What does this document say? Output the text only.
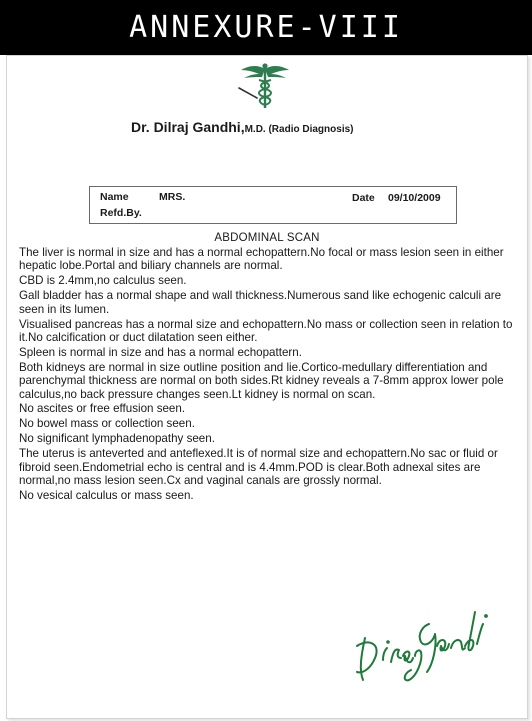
ANNEXURE-VIII
Dr. Dilraj Gandhi,M.D. (Radio Diagnosis)
Name	MRS.	Date 09/10/2009
Refd.By.
ABDOMINAL SCAN

The liver is normal in size and has a normal echopattern.No focal or mass lesion seen in either hepatic lobe.Portal and biliary channels are normal.

CBD is 2.4mm,no calculus seen.

Gall bladder has a normal shape and wall thickness.Numerous sand like echogenic calculi are seen in its lumen.

Visualised pancreas has a normal size and echopattern.No mass or collection seen in relation to it.No calcification or duct dilatation seen either.

Spleen is normal in size and has a normal echopattern.

Both kidneys are normal in size outline position and lie.Cortico-medullary differentiation and parenchymal thickness are normal on both sides.Rt kidney reveals a 7-8mm approx lower pole calculus,no back pressure changes seen.Lt kidney is normal on scan.

No ascites or free effusion seen.

No bowel mass or collection seen.

No significant lymphadenopathy seen.

The uterus is anteverted and anteflexed.It is of normal size and echopattern.No sac or fluid or fibroid seen.Endometrial echo is central and is 4.4mm.POD is clear.Both adnexal sites are normal,no mass lesion seen.Cx and vaginal canals are grossly normal.

No vesical calculus or mass seen.
